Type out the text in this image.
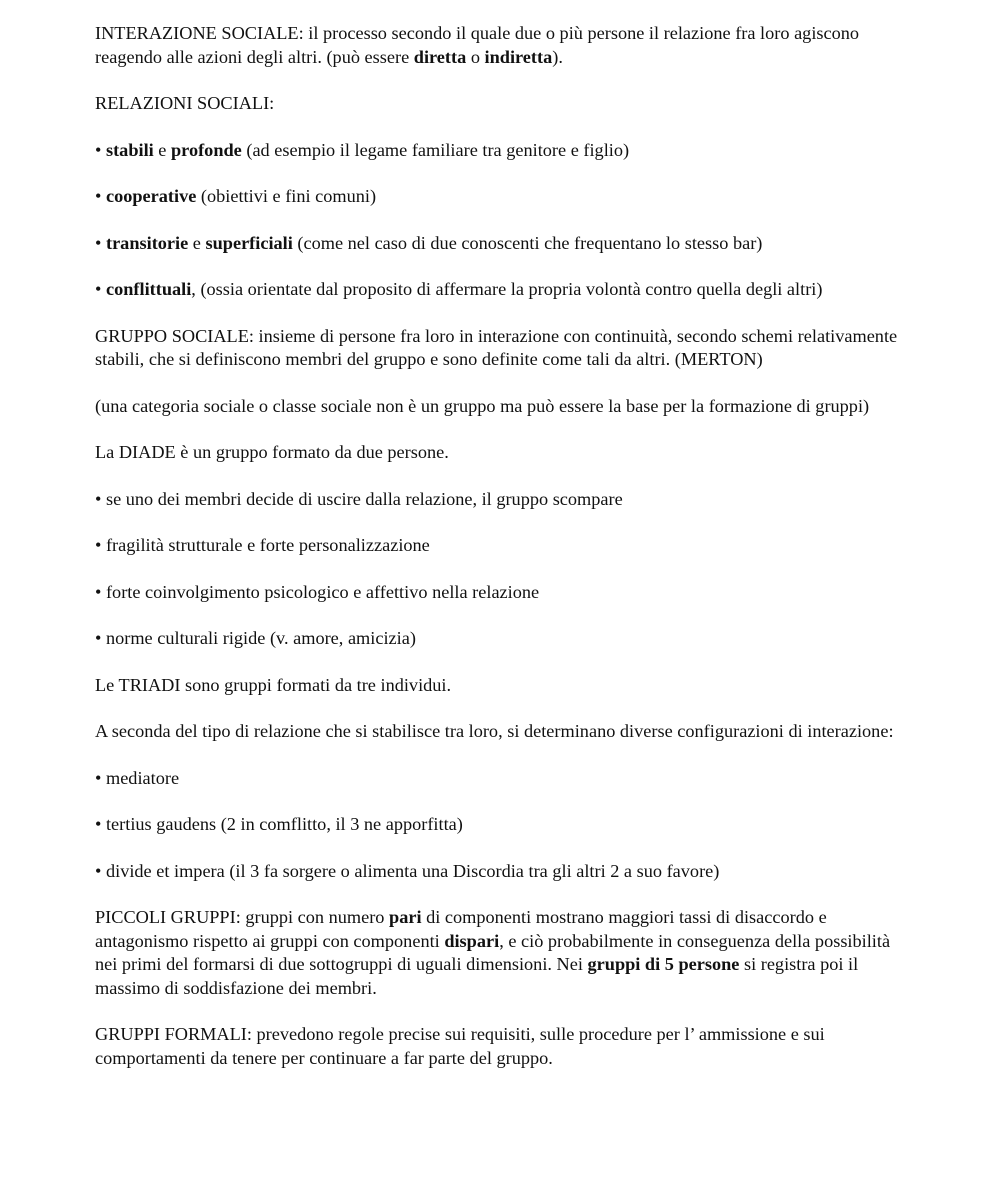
INTERAZIONE SOCIALE: il processo secondo il quale due o più persone il relazione fra loro agiscono reagendo alle azioni degli altri. (può essere diretta o indiretta).

RELAZIONI SOCIALI:

• stabili e profonde (ad esempio il legame familiare tra genitore e figlio)

• cooperative (obiettivi e fini comuni)

• transitorie e superficiali (come nel caso di due conoscenti che frequentano lo stesso bar)

• conflittuali, (ossia orientate dal proposito di affermare la propria volontà contro quella degli altri)

GRUPPO SOCIALE: insieme di persone fra loro in interazione con continuità, secondo schemi relativamente stabili, che si definiscono membri del gruppo e sono definite come tali da altri. (MERTON)

(una categoria sociale o classe sociale non è un gruppo ma può essere la base per la formazione di gruppi)

La DIADE è un gruppo formato da due persone.

• se uno dei membri decide di uscire dalla relazione, il gruppo scompare

• fragilità strutturale e forte personalizzazione

• forte coinvolgimento psicologico e affettivo nella relazione

• norme culturali rigide (v. amore, amicizia)

Le TRIADI sono gruppi formati da tre individui.

A seconda del tipo di relazione che si stabilisce tra loro, si determinano diverse configurazioni di interazione:

• mediatore

• tertius gaudens (2 in comflitto, il 3 ne apporfitta)

• divide et impera (il 3 fa sorgere o alimenta una Discordia tra gli altri 2 a suo favore)

PICCOLI GRUPPI: gruppi con numero pari di componenti mostrano maggiori tassi di disaccordo e antagonismo rispetto ai gruppi con componenti dispari, e ciò probabilmente in conseguenza della possibilità nei primi del formarsi di due sottogruppi di uguali dimensioni. Nei gruppi di 5 persone si registra poi il massimo di soddisfazione dei membri.

GRUPPI FORMALI: prevedono regole precise sui requisiti, sulle procedure per l’ ammissione e sui comportamenti da tenere per continuare a far parte del gruppo.
